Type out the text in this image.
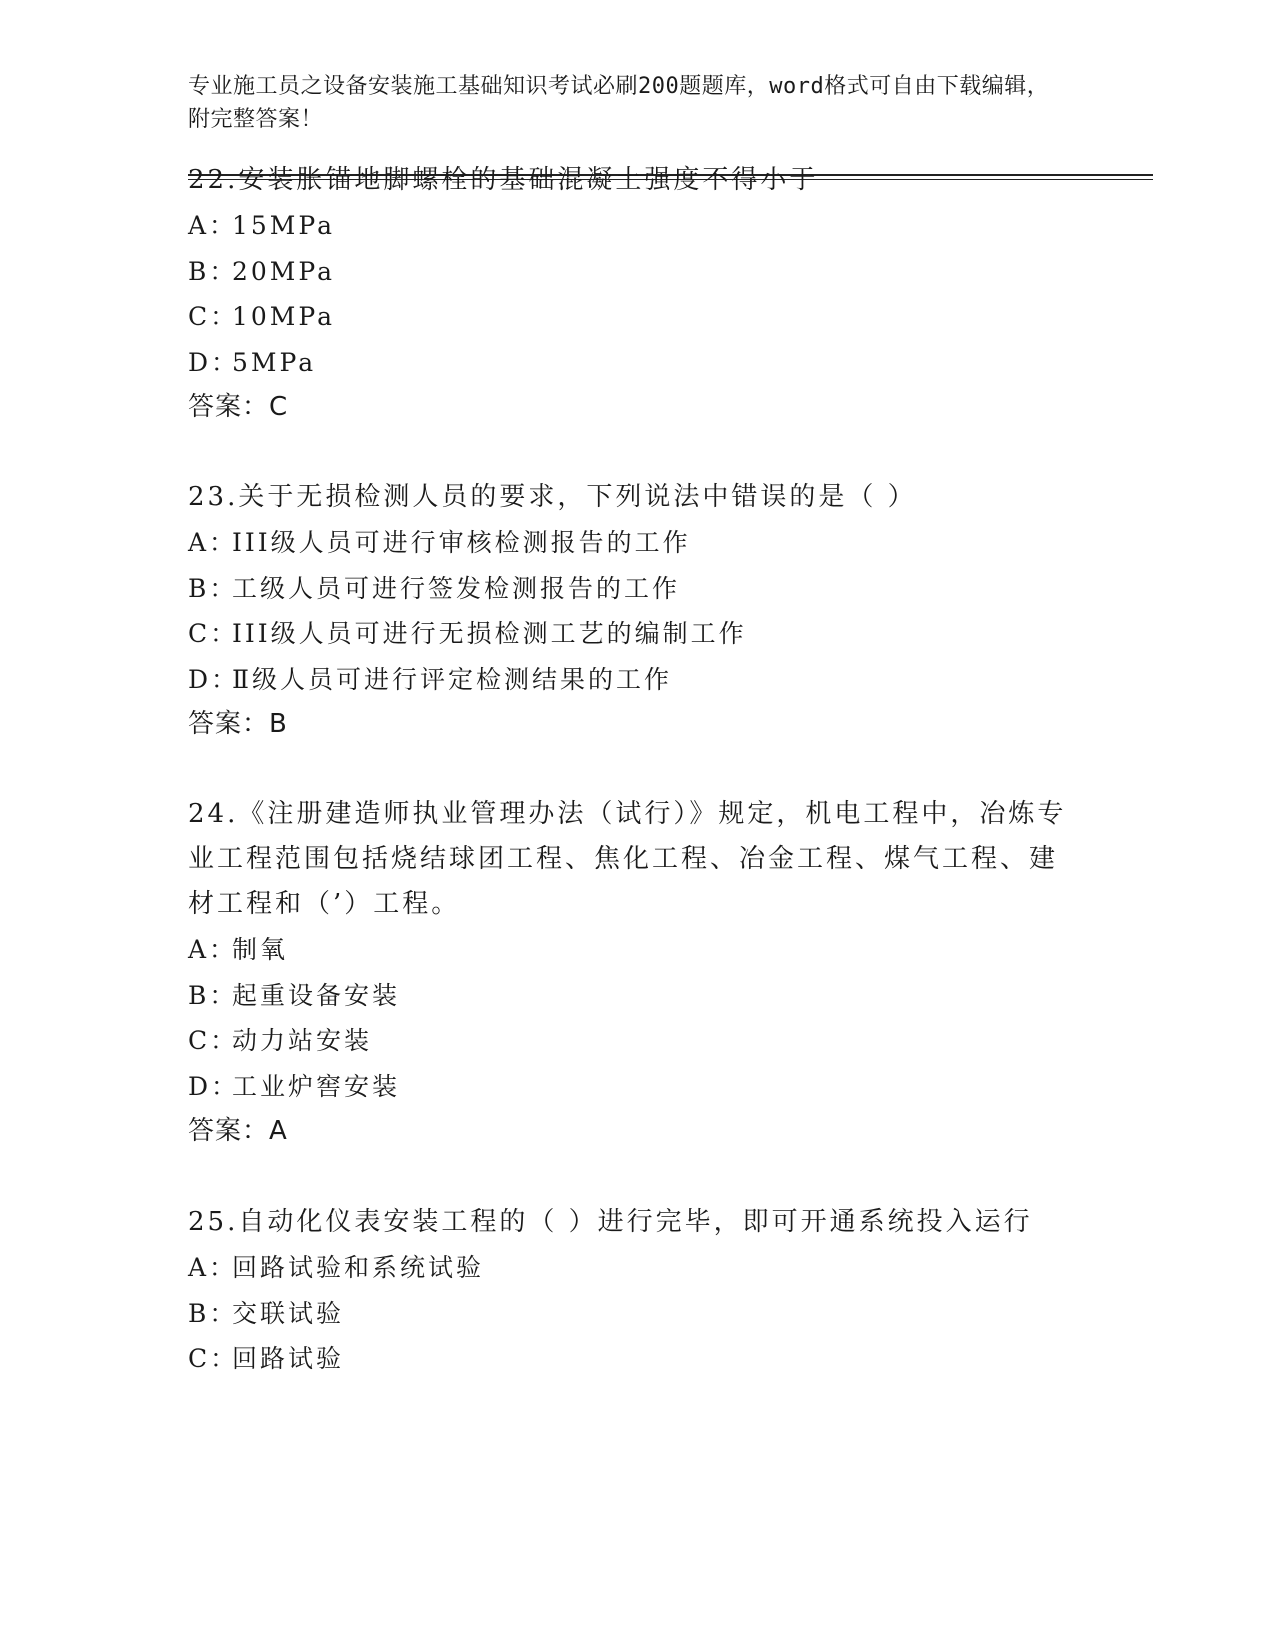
专业施工员之设备安装施工基础知识考试必刷200题题库，word格式可自由下载编辑，附完整答案！
22.安装胀锚地脚螺栓的基础混凝土强度不得小于
A：15MPa
B：20MPa
C：10MPa
D：5MPa
答案：C
23.关于无损检测人员的要求，下列说法中错误的是（ ）
A：III级人员可进行审核检测报告的工作
B：工级人员可进行签发检测报告的工作
C：III级人员可进行无损检测工艺的编制工作
D：Ⅱ级人员可进行评定检测结果的工作
答案：B
24.《注册建造师执业管理办法（试行）》规定，机电工程中，冶炼专业工程范围包括烧结球团工程、焦化工程、冶金工程、煤气工程、建材工程和（’）工程。
A：制氧
B：起重设备安装
C：动力站安装
D：工业炉窖安装
答案：A
25.自动化仪表安装工程的（ ）进行完毕，即可开通系统投入运行
A：回路试验和系统试验
B：交联试验
C：回路试验
